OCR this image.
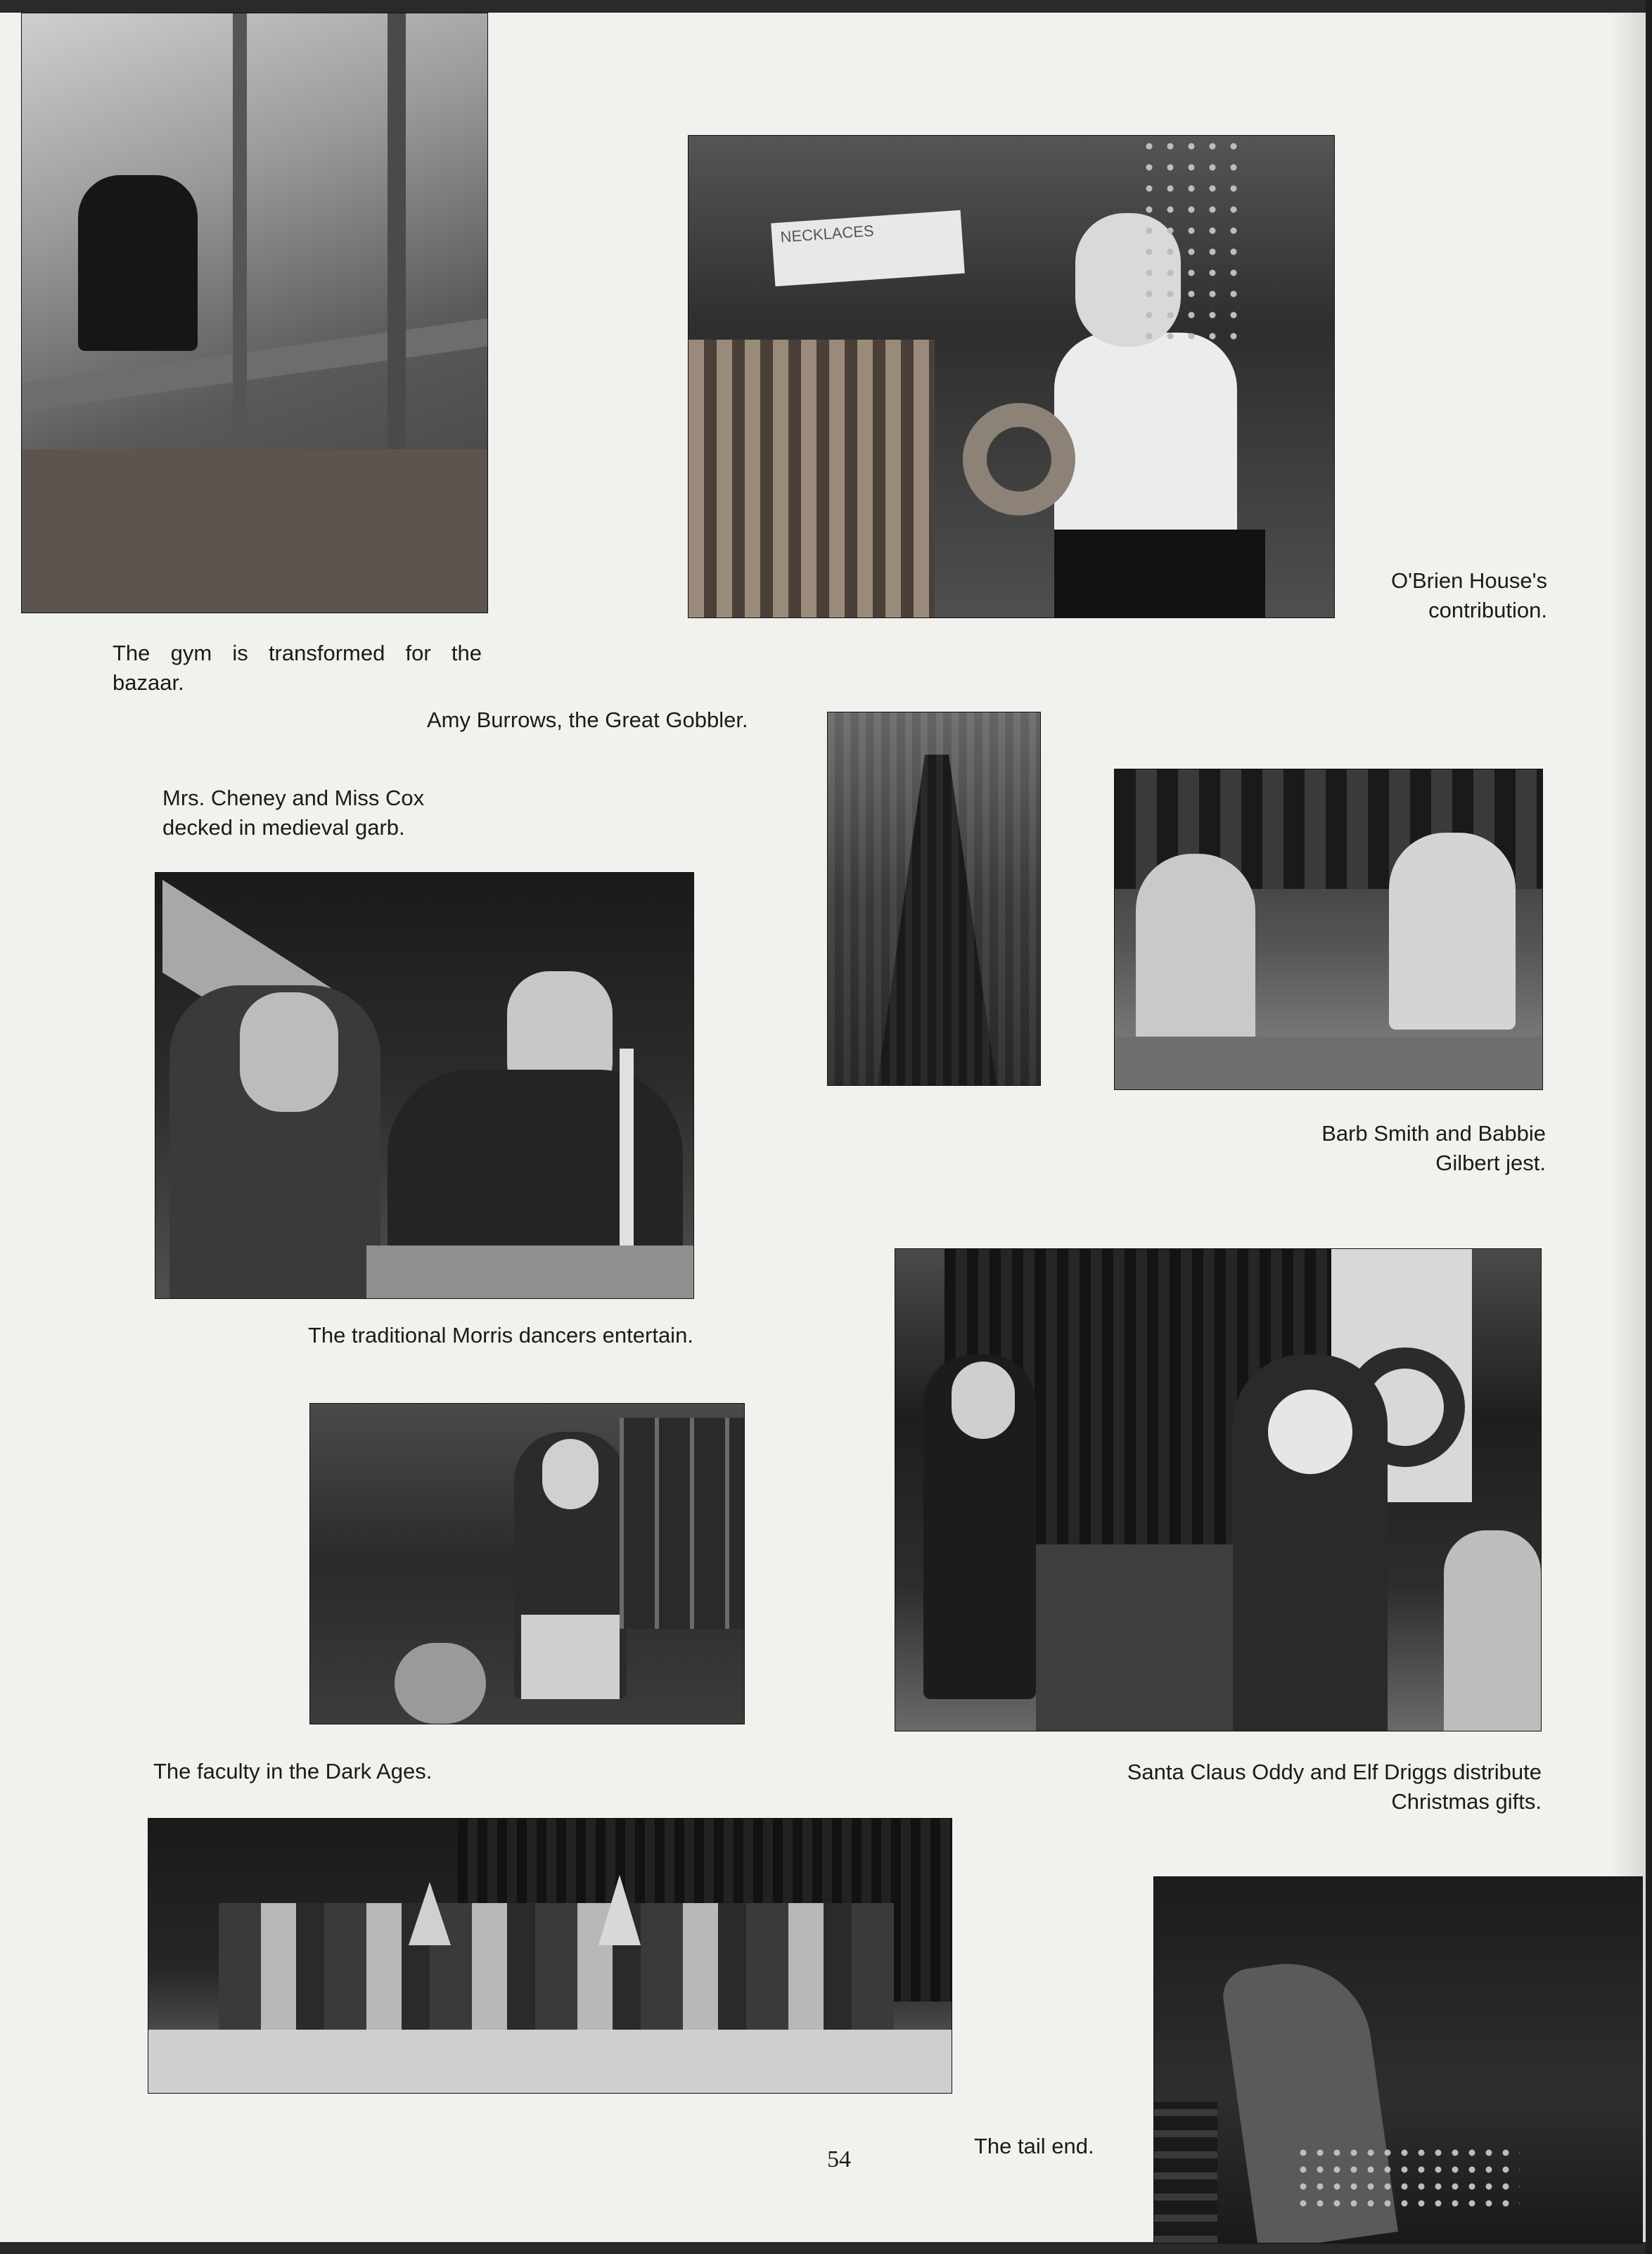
NECKLACES

O'Brien House's contribution.

The gym is transformed for the bazaar.

Amy Burrows, the Great Gobbler.

Mrs. Cheney and Miss Cox decked in medieval garb.

Barb Smith and Babbie Gilbert jest.

The traditional Morris dancers entertain.

The faculty in the Dark Ages.	Santa Claus Oddy and Elf Driggs distribute Christmas gifts.

The tail end.

54
